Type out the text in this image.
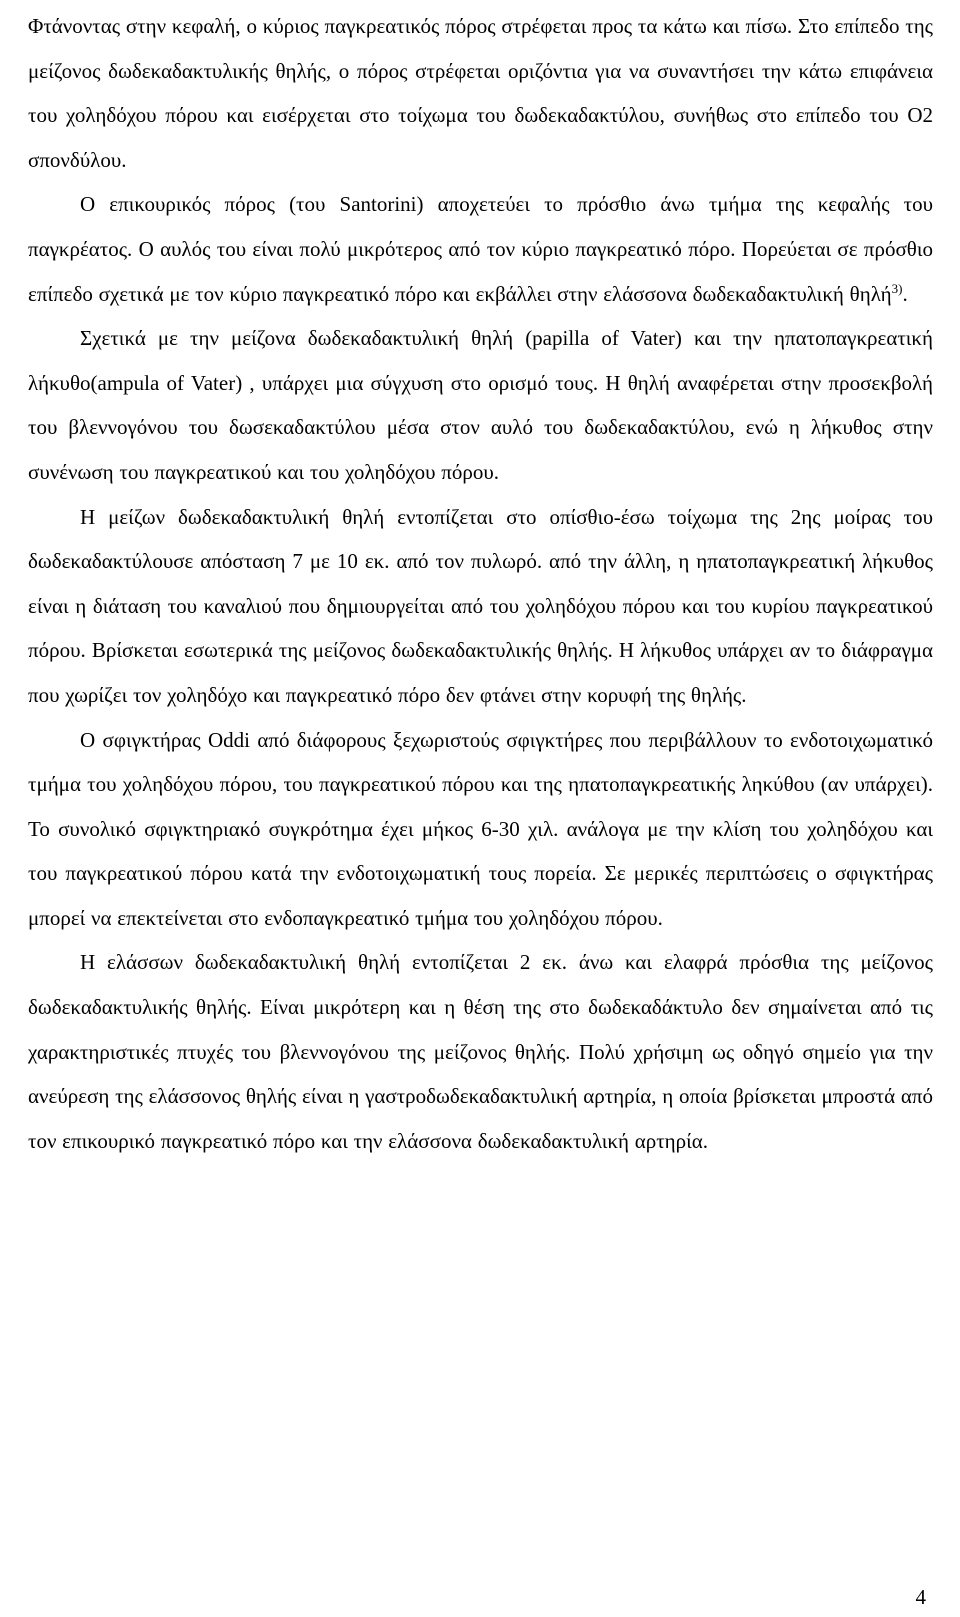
Φτάνοντας στην κεφαλή, ο κύριος παγκρεατικός πόρος στρέφεται προς τα κάτω και πίσω. Στο επίπεδο της μείζονος δωδεκαδακτυλικής θηλής, ο πόρος στρέφεται οριζόντια για να συναντήσει την κάτω επιφάνεια του χοληδόχου πόρου και εισέρχεται στο τοίχωμα του δωδεκαδακτύλου, συνήθως στο επίπεδο του Ο2 σπονδύλου.

Ο επικουρικός πόρος (του Santorini) αποχετεύει το πρόσθιο άνω τμήμα της κεφαλής του παγκρέατος. Ο αυλός του είναι πολύ μικρότερος από τον κύριο παγκρεατικό πόρο. Πορεύεται σε πρόσθιο επίπεδο σχετικά με τον κύριο παγκρεατικό πόρο και εκβάλλει στην ελάσσονα δωδεκαδακτυλική θηλή$^{3)}$.

Σχετικά με την μείζονα δωδεκαδακτυλική θηλή (papilla of Vater) και την ηπατοπαγκρεατική λήκυθο(ampula of Vater) , υπάρχει μια σύγχυση στο ορισμό τους. Η θηλή αναφέρεται στην προσεκβολή του βλεννογόνου του δωσεκαδακτύλου μέσα στον αυλό του δωδεκαδακτύλου, ενώ η λήκυθος στην συνένωση του παγκρεατικού και του χοληδόχου πόρου.

Η μείζων δωδεκαδακτυλική θηλή εντοπίζεται στο οπίσθιο-έσω τοίχωμα της 2ης μοίρας του δωδεκαδακτύλουσε απόσταση 7 με 10 εκ. από τον πυλωρό. από την άλλη, η ηπατοπαγκρεατική λήκυθος είναι η διάταση του καναλιού που δημιουργείται από του χοληδόχου πόρου και του κυρίου παγκρεατικού πόρου. Βρίσκεται εσωτερικά της μείζονος δωδεκαδακτυλικής θηλής. Η λήκυθος υπάρχει αν το διάφραγμα που χωρίζει τον χοληδόχο και παγκρεατικό πόρο δεν φτάνει στην κορυφή της θηλής.

Ο σφιγκτήρας Oddi από διάφορους ξεχωριστούς σφιγκτήρες που περιβάλλουν το ενδοτοιχωματικό τμήμα του χοληδόχου πόρου, του παγκρεατικού πόρου και της ηπατοπαγκρεατικής ληκύθου (αν υπάρχει). Το συνολικό σφιγκτηριακό συγκρότημα έχει μήκος 6-30 χιλ. ανάλογα με την κλίση του χοληδόχου και του παγκρεατικού πόρου κατά την ενδοτοιχωματική τους πορεία. Σε μερικές περιπτώσεις ο σφιγκτήρας μπορεί να επεκτείνεται στο ενδοπαγκρεατικό τμήμα του χοληδόχου πόρου.

Η ελάσσων δωδεκαδακτυλική θηλή εντοπίζεται 2 εκ. άνω και ελαφρά πρόσθια της μείζονος δωδεκαδακτυλικής θηλής. Είναι μικρότερη και η θέση της στο δωδεκαδάκτυλο δεν σημαίνεται από τις χαρακτηριστικές πτυχές του βλεννογόνου της μείζονος θηλής. Πολύ χρήσιμη ως οδηγό σημείο για την ανεύρεση της ελάσσονος θηλής είναι η γαστροδωδεκαδακτυλική αρτηρία, η οποία βρίσκεται μπροστά από τον επικουρικό παγκρεατικό πόρο και την ελάσσονα δωδεκαδακτυλική αρτηρία.

4
